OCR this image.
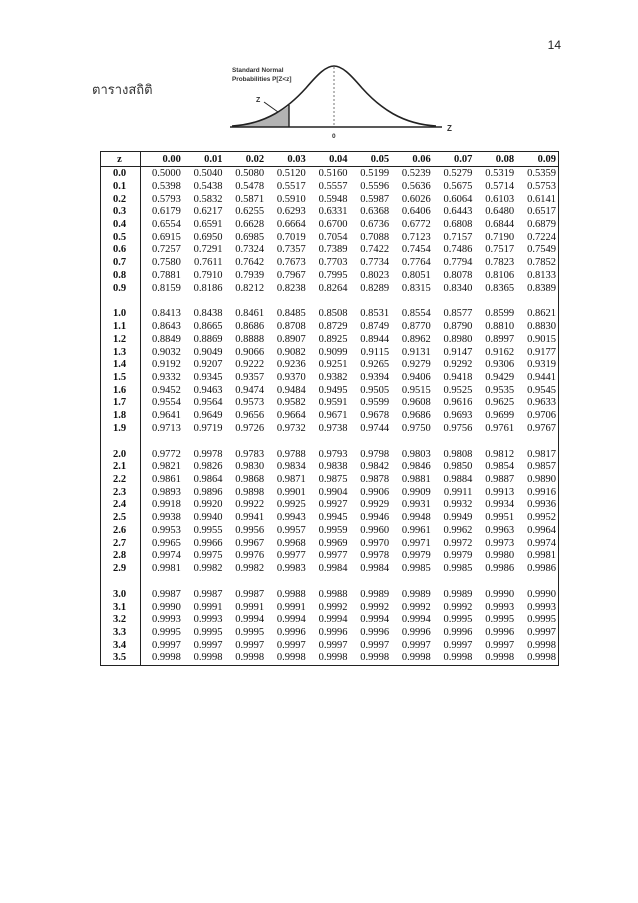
14
ตารางสถิติ
Standard Normal
Probabilities P[Z<z]
Z
0
Z
z	0.00	0.01	0.02	0.03	0.04	0.05	0.06	0.07	0.08	0.09
0.0	0.5000	0.5040	0.5080	0.5120	0.5160	0.5199	0.5239	0.5279	0.5319	0.5359
0.1	0.5398	0.5438	0.5478	0.5517	0.5557	0.5596	0.5636	0.5675	0.5714	0.5753
0.2	0.5793	0.5832	0.5871	0.5910	0.5948	0.5987	0.6026	0.6064	0.6103	0.6141
0.3	0.6179	0.6217	0.6255	0.6293	0.6331	0.6368	0.6406	0.6443	0.6480	0.6517
0.4	0.6554	0.6591	0.6628	0.6664	0.6700	0.6736	0.6772	0.6808	0.6844	0.6879
0.5	0.6915	0.6950	0.6985	0.7019	0.7054	0.7088	0.7123	0.7157	0.7190	0.7224
0.6	0.7257	0.7291	0.7324	0.7357	0.7389	0.7422	0.7454	0.7486	0.7517	0.7549
0.7	0.7580	0.7611	0.7642	0.7673	0.7703	0.7734	0.7764	0.7794	0.7823	0.7852
0.8	0.7881	0.7910	0.7939	0.7967	0.7995	0.8023	0.8051	0.8078	0.8106	0.8133
0.9	0.8159	0.8186	0.8212	0.8238	0.8264	0.8289	0.8315	0.8340	0.8365	0.8389
1.0	0.8413	0.8438	0.8461	0.8485	0.8508	0.8531	0.8554	0.8577	0.8599	0.8621
1.1	0.8643	0.8665	0.8686	0.8708	0.8729	0.8749	0.8770	0.8790	0.8810	0.8830
1.2	0.8849	0.8869	0.8888	0.8907	0.8925	0.8944	0.8962	0.8980	0.8997	0.9015
1.3	0.9032	0.9049	0.9066	0.9082	0.9099	0.9115	0.9131	0.9147	0.9162	0.9177
1.4	0.9192	0.9207	0.9222	0.9236	0.9251	0.9265	0.9279	0.9292	0.9306	0.9319
1.5	0.9332	0.9345	0.9357	0.9370	0.9382	0.9394	0.9406	0.9418	0.9429	0.9441
1.6	0.9452	0.9463	0.9474	0.9484	0.9495	0.9505	0.9515	0.9525	0.9535	0.9545
1.7	0.9554	0.9564	0.9573	0.9582	0.9591	0.9599	0.9608	0.9616	0.9625	0.9633
1.8	0.9641	0.9649	0.9656	0.9664	0.9671	0.9678	0.9686	0.9693	0.9699	0.9706
1.9	0.9713	0.9719	0.9726	0.9732	0.9738	0.9744	0.9750	0.9756	0.9761	0.9767
2.0	0.9772	0.9978	0.9783	0.9788	0.9793	0.9798	0.9803	0.9808	0.9812	0.9817
2.1	0.9821	0.9826	0.9830	0.9834	0.9838	0.9842	0.9846	0.9850	0.9854	0.9857
2.2	0.9861	0.9864	0.9868	0.9871	0.9875	0.9878	0.9881	0.9884	0.9887	0.9890
2.3	0.9893	0.9896	0.9898	0.9901	0.9904	0.9906	0.9909	0.9911	0.9913	0.9916
2.4	0.9918	0.9920	0.9922	0.9925	0.9927	0.9929	0.9931	0.9932	0.9934	0.9936
2.5	0.9938	0.9940	0.9941	0.9943	0.9945	0.9946	0.9948	0.9949	0.9951	0.9952
2.6	0.9953	0.9955	0.9956	0.9957	0.9959	0.9960	0.9961	0.9962	0.9963	0.9964
2.7	0.9965	0.9966	0.9967	0.9968	0.9969	0.9970	0.9971	0.9972	0.9973	0.9974
2.8	0.9974	0.9975	0.9976	0.9977	0.9977	0.9978	0.9979	0.9979	0.9980	0.9981
2.9	0.9981	0.9982	0.9982	0.9983	0.9984	0.9984	0.9985	0.9985	0.9986	0.9986
3.0	0.9987	0.9987	0.9987	0.9988	0.9988	0.9989	0.9989	0.9989	0.9990	0.9990
3.1	0.9990	0.9991	0.9991	0.9991	0.9992	0.9992	0.9992	0.9992	0.9993	0.9993
3.2	0.9993	0.9993	0.9994	0.9994	0.9994	0.9994	0.9994	0.9995	0.9995	0.9995
3.3	0.9995	0.9995	0.9995	0.9996	0.9996	0.9996	0.9996	0.9996	0.9996	0.9997
3.4	0.9997	0.9997	0.9997	0.9997	0.9997	0.9997	0.9997	0.9997	0.9997	0.9998
3.5	0.9998	0.9998	0.9998	0.9998	0.9998	0.9998	0.9998	0.9998	0.9998	0.9998
